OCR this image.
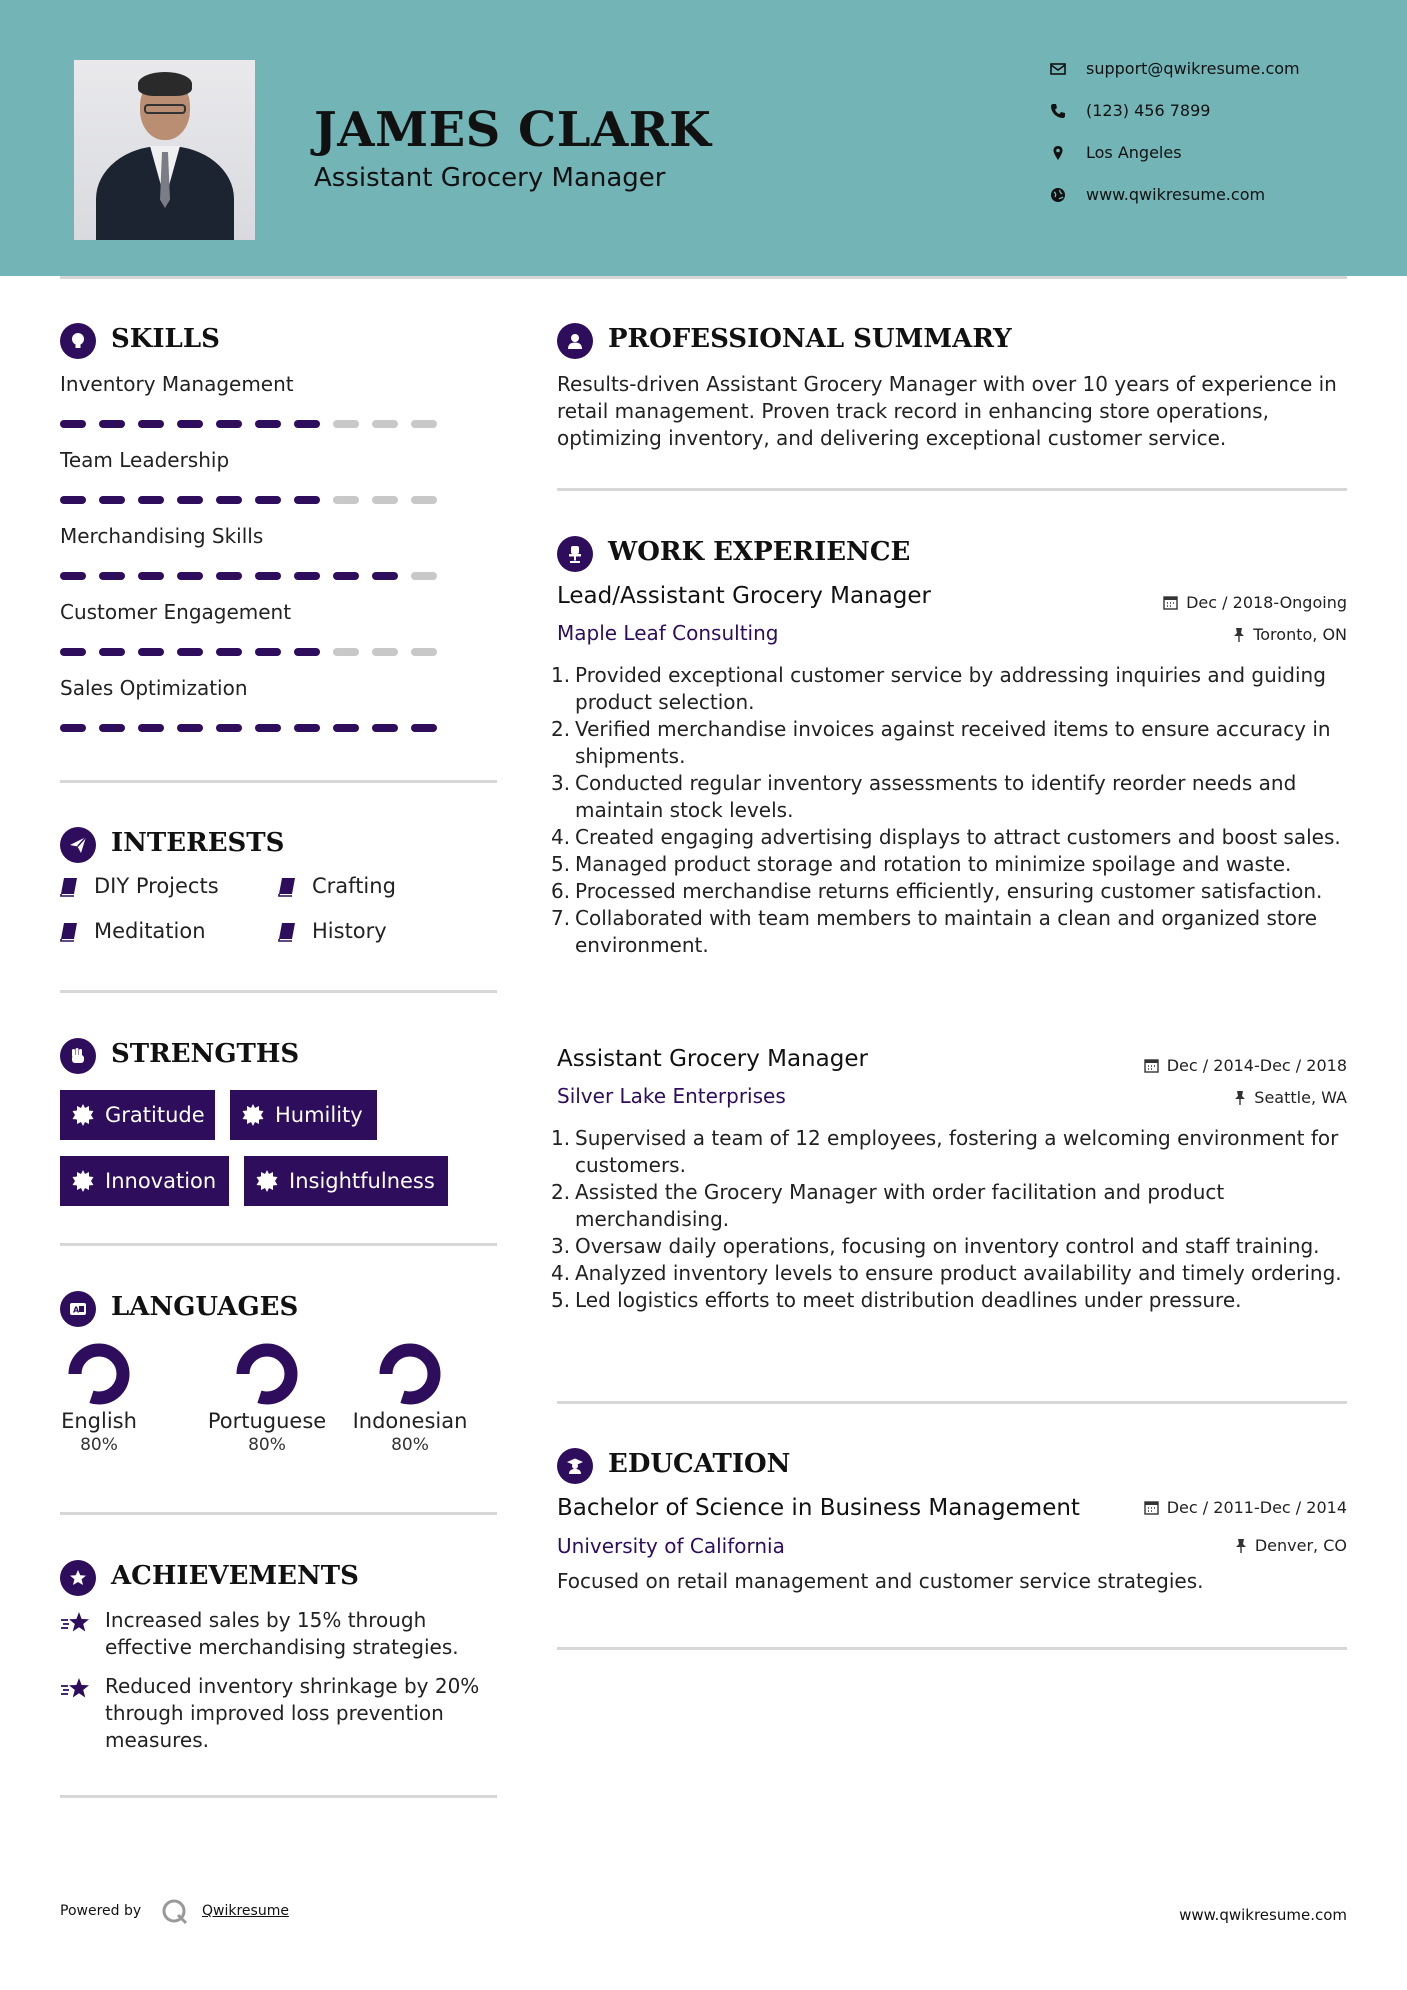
JAMES CLARK
Assistant Grocery Manager
support@qwikresume.com
(123) 456 7899
Los Angeles
www.qwikresume.com
SKILLS
Inventory Management
Team Leadership
Merchandising Skills
Customer Engagement
Sales Optimization
INTERESTS
DIY Projects	Crafting
Meditation	History
STRENGTHS
Gratitude	Humility
Innovation	Insightfulness
A LANGUAGES
English
80%
Portuguese
80%
Indonesian
80%
ACHIEVEMENTS
Increased sales by 15% through effective merchandising strategies.
Reduced inventory shrinkage by 20% through improved loss prevention measures.
PROFESSIONAL SUMMARY
Results-driven Assistant Grocery Manager with over 10 years of experience in retail management. Proven track record in enhancing store operations, optimizing inventory, and delivering exceptional customer service.
WORK EXPERIENCE
Lead/Assistant Grocery Manager	Dec / 2018-Ongoing
Maple Leaf Consulting	Toronto, ON
Provided exceptional customer service by addressing inquiries and guiding product selection.
Verified merchandise invoices against received items to ensure accuracy in shipments.
Conducted regular inventory assessments to identify reorder needs and maintain stock levels.
Created engaging advertising displays to attract customers and boost sales.
Managed product storage and rotation to minimize spoilage and waste.
Processed merchandise returns efficiently, ensuring customer satisfaction.
Collaborated with team members to maintain a clean and organized store environment.
Assistant Grocery Manager	Dec / 2014-Dec / 2018
Silver Lake Enterprises	Seattle, WA
Supervised a team of 12 employees, fostering a welcoming environment for customers.
Assisted the Grocery Manager with order facilitation and product merchandising.
Oversaw daily operations, focusing on inventory control and staff training.
Analyzed inventory levels to ensure product availability and timely ordering.
Led logistics efforts to meet distribution deadlines under pressure.
EDUCATION
Bachelor of Science in Business Management	Dec / 2011-Dec / 2014
University of California	Denver, CO
Focused on retail management and customer service strategies.
Powered by	Qwikresume	www.qwikresume.com
